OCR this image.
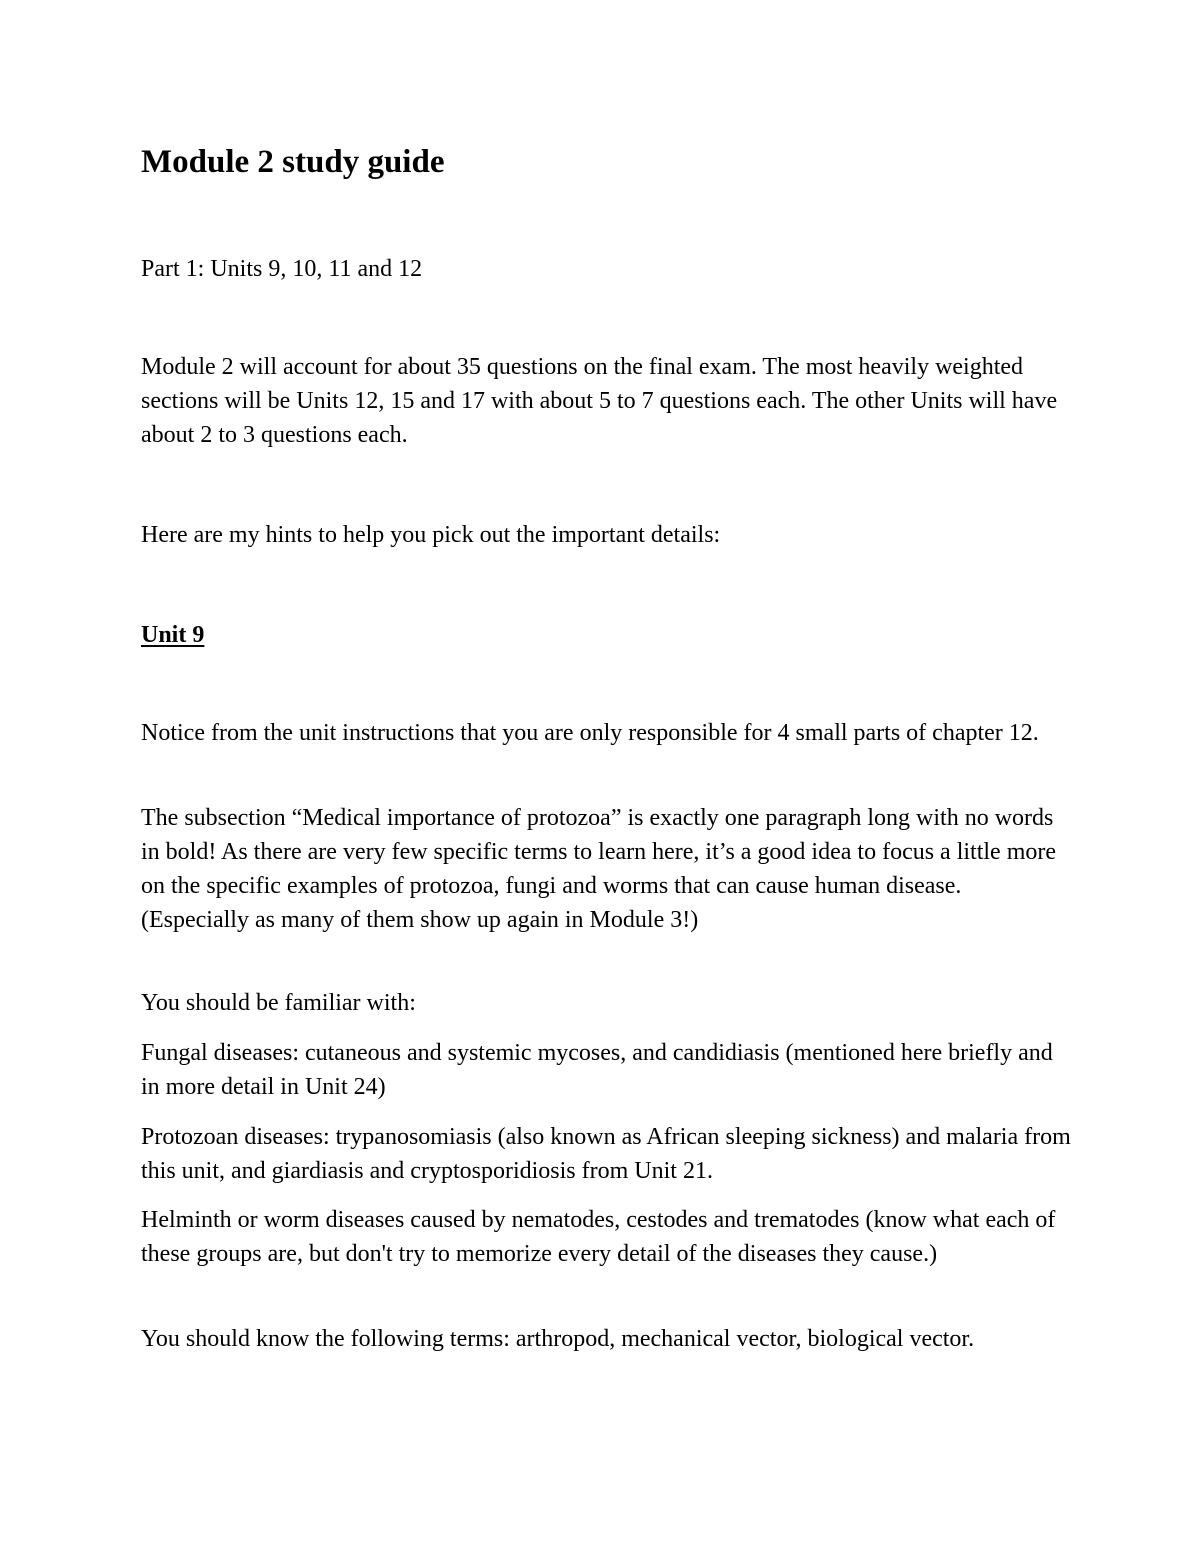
Module 2 study guide

Part 1: Units 9, 10, 11 and 12

Module 2 will account for about 35 questions on the final exam. The most heavily weighted sections will be Units 12, 15 and 17 with about 5 to 7 questions each. The other Units will have about 2 to 3 questions each.

Here are my hints to help you pick out the important details:

Unit 9

Notice from the unit instructions that you are only responsible for 4 small parts of chapter 12.

The subsection “Medical importance of protozoa” is exactly one paragraph long with no words in bold! As there are very few specific terms to learn here, it’s a good idea to focus a little more on the specific examples of protozoa, fungi and worms that can cause human disease. (Especially as many of them show up again in Module 3!)

You should be familiar with:

Fungal diseases: cutaneous and systemic mycoses, and candidiasis (mentioned here briefly and in more detail in Unit 24)

Protozoan diseases: trypanosomiasis (also known as African sleeping sickness) and malaria from this unit, and giardiasis and cryptosporidiosis from Unit 21.

Helminth or worm diseases caused by nematodes, cestodes and trematodes (know what each of these groups are, but don't try to memorize every detail of the diseases they cause.)

You should know the following terms: arthropod, mechanical vector, biological vector.
